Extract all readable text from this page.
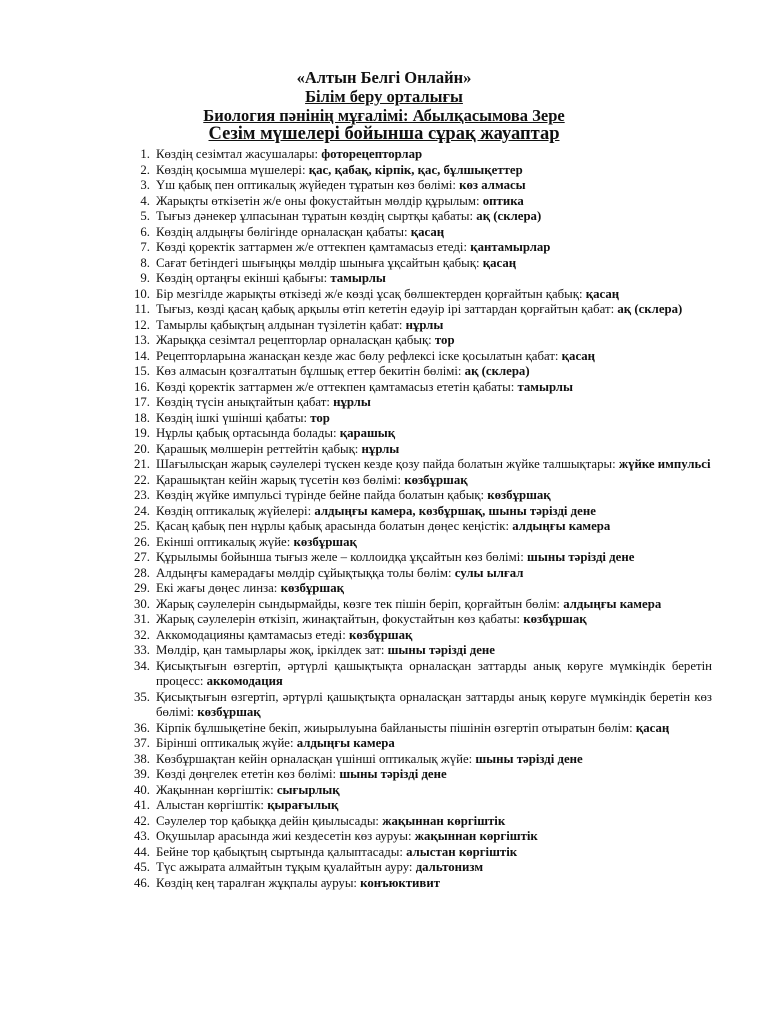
«Алтын Белгі Онлайн»
Білім беру орталығы
Биология пәнінің мұғалімі: Абылқасымова Зере
Сезім мүшелері бойынша сұрақ жауаптар
1. Көздің сезімтал жасушалары: фоторецепторлар
2. Көздің қосымша мүшелері: қас, қабақ, кірпік, қас, бұлшықеттер
3. Үш қабық пен оптикалық жүйеден тұратын көз бөлімі: көз алмасы
4. Жарықты өткізетін ж/е оны фокустайтын мөлдір құрылым: оптика
5. Тығыз дәнекер ұлпасынан тұратын көздің сыртқы қабаты: ақ (склера)
6. Көздің алдыңғы бөлігінде орналасқан қабаты: қасаң
7. Көзді қоректік заттармен ж/е оттекпен қамтамасыз етеді: қантамырлар
8. Сағат бетіндегі шығыңқы мөлдір шыныға ұқсайтын қабық: қасаң
9. Көздің ортаңғы екінші қабығы: тамырлы
10. Бір мезгілде жарықты өткізеді ж/е көзді ұсақ бөлшектерден қорғайтын қабық: қасаң
11. Тығыз, көзді қасаң қабық арқылы өтіп кететін едәуір ірі заттардан қорғайтын қабат: ақ (склера)
12. Тамырлы қабықтың алдынан түзілетін қабат: нұрлы
13. Жарыққа сезімтал рецепторлар орналасқан қабық: тор
14. Рецепторларына жанасқан кезде жас бөлу рефлексі іске қосылатын қабат: қасаң
15. Көз алмасын қозғалтатын бұлшық еттер бекитін бөлімі: ақ (склера)
16. Көзді қоректік заттармен ж/е оттекпен қамтамасыз ететін қабаты: тамырлы
17. Көздің түсін анықтайтын қабат: нұрлы
18. Көздің ішкі үшінші қабаты: тор
19. Нұрлы қабық ортасында болады: қарашық
20. Қарашық мөлшерін реттейтін қабық: нұрлы
21. Шағылысқан жарық сәулелері түскен кезде қозу пайда болатын жүйке талшықтары: жүйке импульсі
22. Қарашықтан кейін жарық түсетін көз бөлімі: көзбұршақ
23. Көздің жүйке импульсі түрінде бейне пайда болатын қабық: көзбұршақ
24. Көздің оптикалық жүйелері: алдыңғы камера, көзбұршақ, шыны тәрізді дене
25. Қасаң қабық пен нұрлы қабық арасында болатын дөңес кеңістік: алдыңғы камера
26. Екінші оптикалық жүйе: көзбұршақ
27. Құрылымы бойынша тығыз желе – коллоидқа ұқсайтын көз бөлімі: шыны тәрізді дене
28. Алдыңғы камерадағы мөлдір сұйықтыққа толы бөлім: сулы ылғал
29. Екі жағы дөңес линза: көзбұршақ
30. Жарық сәулелерін сындырмайды, көзге тек пішін беріп, қорғайтын бөлім: алдыңғы камера
31. Жарық сәулелерін өткізіп, жинақтайтын, фокустайтын көз қабаты: көзбұршақ
32. Аккомодацияны қамтамасыз етеді: көзбұршақ
33. Мөлдір, қан тамырлары жоқ, іркілдек зат: шыны тәрізді дене
34. Қисықтығын өзгертіп, әртүрлі қашықтықта орналасқан заттарды анық көруге мүмкіндік беретін процесс: аккомодация
35. Қисықтығын өзгертіп, әртүрлі қашықтықта орналасқан заттарды анық көруге мүмкіндік беретін көз бөлімі: көзбұршақ
36. Кірпік бұлшықетіне бекіп, жиырылуына байланысты пішінін өзгертіп отыратын бөлім: қасаң
37. Бірінші оптикалық жүйе: алдыңғы камера
38. Көзбұршақтан кейін орналасқан үшінші оптикалық жүйе: шыны тәрізді дене
39. Көзді дөңгелек ететін көз бөлімі: шыны тәрізді дене
40. Жақыннан көргіштік: сығырлық
41. Алыстан көргіштік: қырағылық
42. Сәулелер тор қабыққа дейін қиылысады: жақыннан көргіштік
43. Оқушылар арасында жиі кездесетін көз ауруы: жақыннан көргіштік
44. Бейне тор қабықтың сыртында қалыптасады: алыстан көргіштік
45. Түс ажырата алмайтын тұқым қуалайтын ауру: дальтонизм
46. Көздің кең таралған жұқпалы ауруы: конъюктивит
